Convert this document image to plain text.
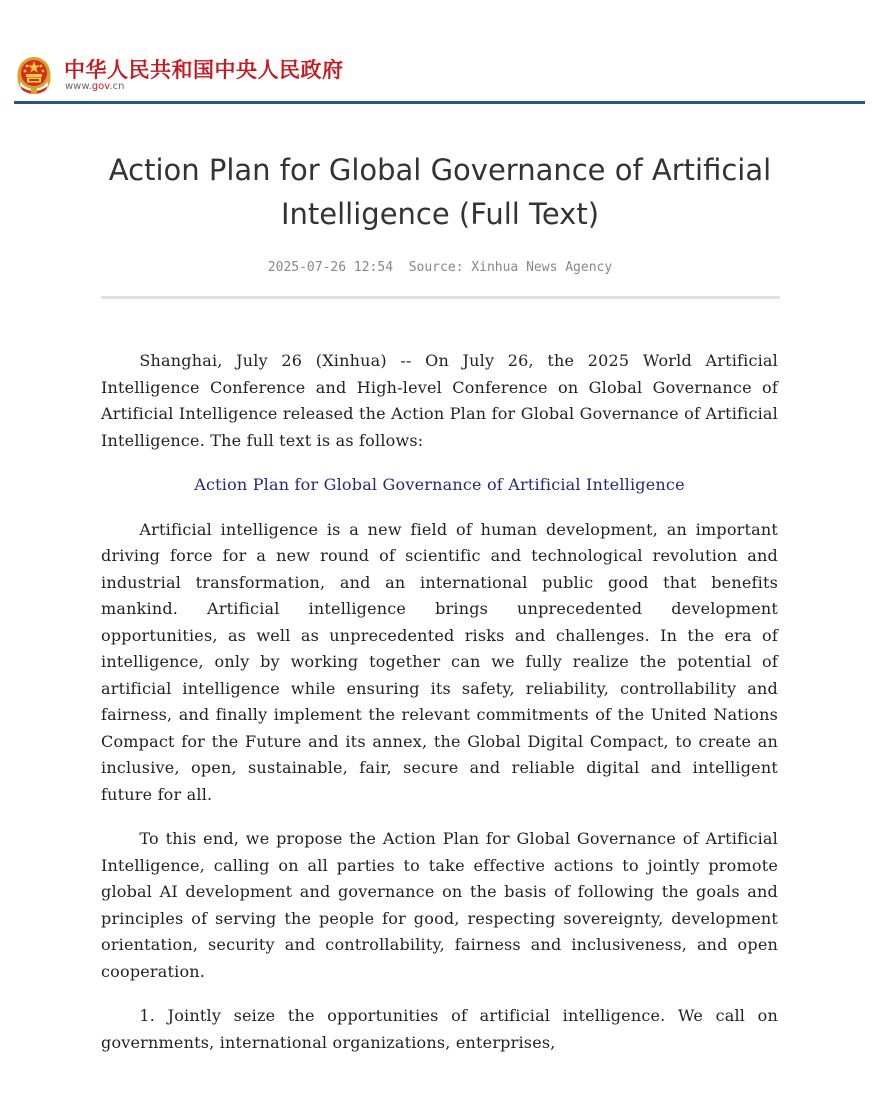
中华人民共和国中央人民政府
www.gov.cn
Action Plan for Global Governance of Artificial Intelligence (Full Text)
2025-07-26 12:54 Source: Xinhua News Agency

Shanghai, July 26 (Xinhua) -- On July 26, the 2025 World Artificial Intelligence Conference and High-level Conference on Global Governance of Artificial Intelligence released the Action Plan for Global Governance of Artificial Intelligence. The full text is as follows:

Action Plan for Global Governance of Artificial Intelligence

Artificial intelligence is a new field of human development, an important driving force for a new round of scientific and technological revolution and industrial transformation, and an international public good that benefits mankind. Artificial intelligence brings unprecedented development opportunities, as well as unprecedented risks and challenges. In the era of intelligence, only by working together can we fully realize the potential of artificial intelligence while ensuring its safety, reliability, controllability and fairness, and finally implement the relevant commitments of the United Nations Compact for the Future and its annex, the Global Digital Compact, to create an inclusive, open, sustainable, fair, secure and reliable digital and intelligent future for all.

To this end, we propose the Action Plan for Global Governance of Artificial Intelligence, calling on all parties to take effective actions to jointly promote global AI development and governance on the basis of following the goals and principles of serving the people for good, respecting sovereignty, development orientation, security and controllability, fairness and inclusiveness, and open cooperation.

1. Jointly seize the opportunities of artificial intelligence. We call on governments, international organizations, enterprises,
